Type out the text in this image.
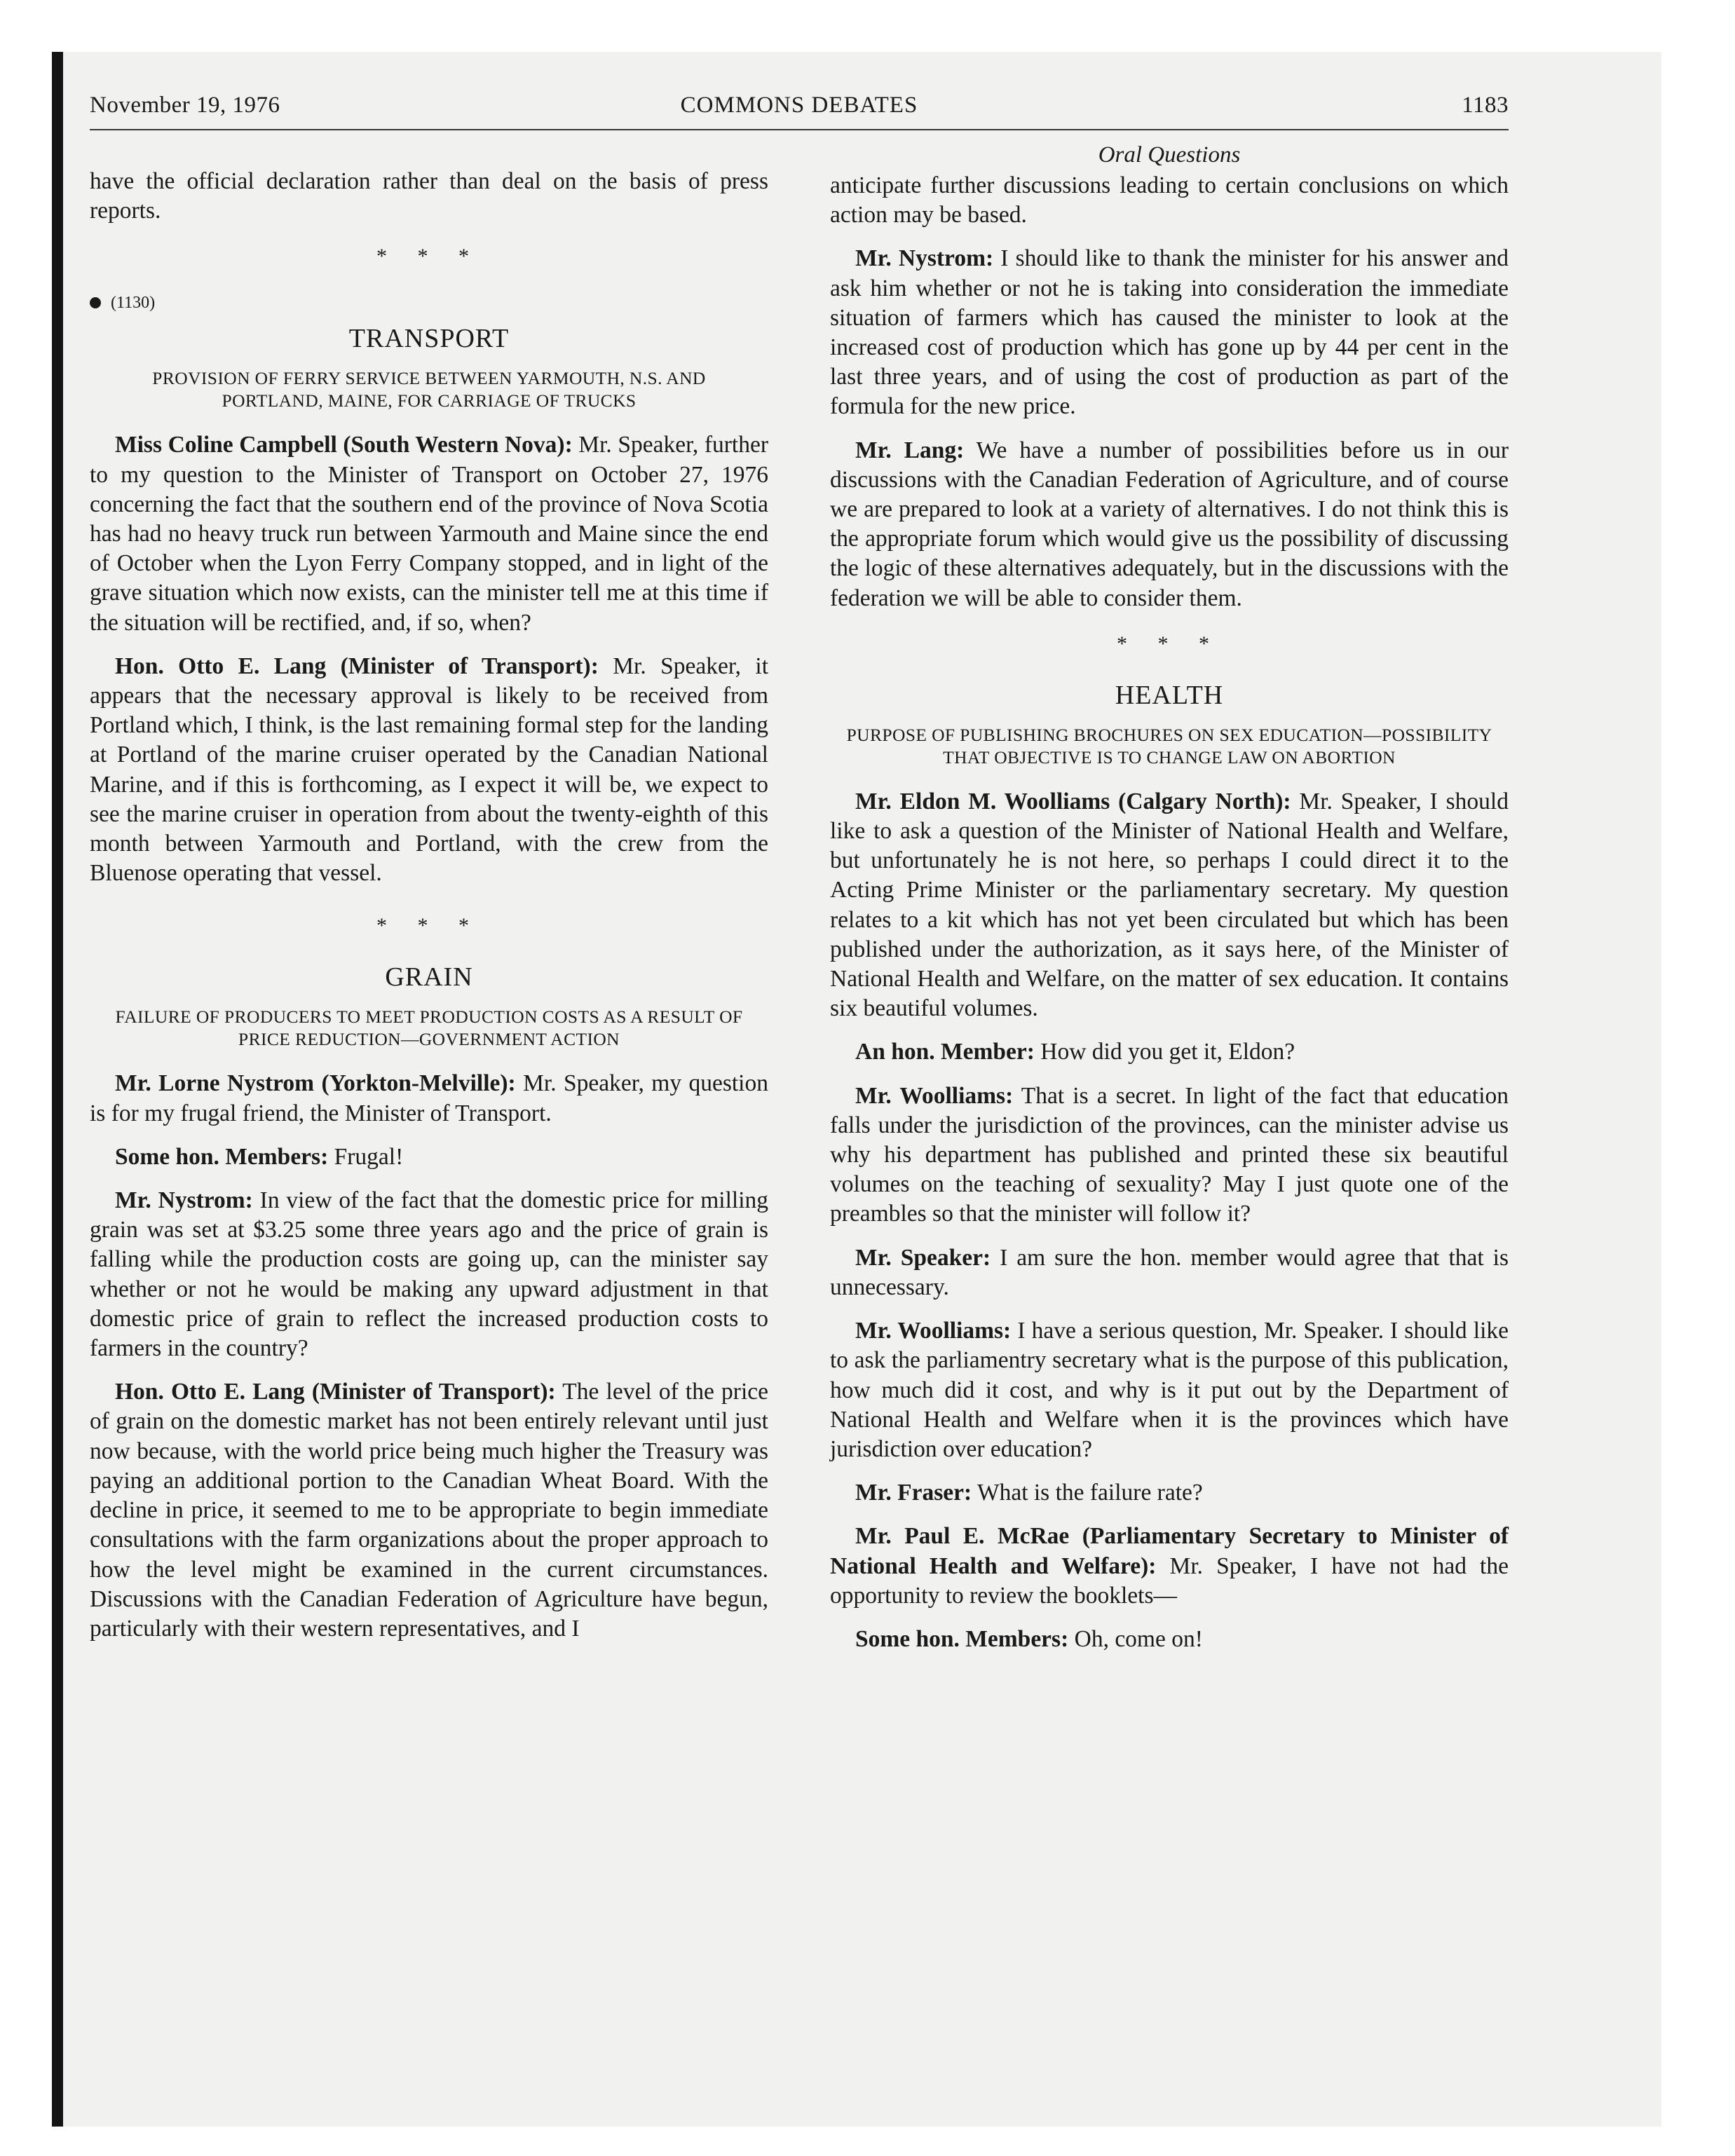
November 19, 1976	COMMONS DEBATES	1183

have the official declaration rather than deal on the basis of press reports.

* * *
(1130)
TRANSPORT
PROVISION OF FERRY SERVICE BETWEEN YARMOUTH, N.S. AND PORTLAND, MAINE, FOR CARRIAGE OF TRUCKS

Miss Coline Campbell (South Western Nova): Mr. Speaker, further to my question to the Minister of Transport on October 27, 1976 concerning the fact that the southern end of the province of Nova Scotia has had no heavy truck run between Yarmouth and Maine since the end of October when the Lyon Ferry Company stopped, and in light of the grave situation which now exists, can the minister tell me at this time if the situation will be rectified, and, if so, when?

Hon. Otto E. Lang (Minister of Transport): Mr. Speaker, it appears that the necessary approval is likely to be received from Portland which, I think, is the last remaining formal step for the landing at Portland of the marine cruiser operated by the Canadian National Marine, and if this is forthcoming, as I expect it will be, we expect to see the marine cruiser in operation from about the twenty-eighth of this month between Yarmouth and Portland, with the crew from the Bluenose operating that vessel.

* * *
GRAIN
FAILURE OF PRODUCERS TO MEET PRODUCTION COSTS AS A RESULT OF PRICE REDUCTION—GOVERNMENT ACTION

Mr. Lorne Nystrom (Yorkton-Melville): Mr. Speaker, my question is for my frugal friend, the Minister of Transport.

Some hon. Members: Frugal!

Mr. Nystrom: In view of the fact that the domestic price for milling grain was set at $3.25 some three years ago and the price of grain is falling while the production costs are going up, can the minister say whether or not he would be making any upward adjustment in that domestic price of grain to reflect the increased production costs to farmers in the country?

Hon. Otto E. Lang (Minister of Transport): The level of the price of grain on the domestic market has not been entirely relevant until just now because, with the world price being much higher the Treasury was paying an additional portion to the Canadian Wheat Board. With the decline in price, it seemed to me to be appropriate to begin immediate consultations with the farm organizations about the proper approach to how the level might be examined in the current circumstances. Discussions with the Canadian Federation of Agriculture have begun, particularly with their western representatives, and I

Oral Questions

anticipate further discussions leading to certain conclusions on which action may be based.

Mr. Nystrom: I should like to thank the minister for his answer and ask him whether or not he is taking into consideration the immediate situation of farmers which has caused the minister to look at the increased cost of production which has gone up by 44 per cent in the last three years, and of using the cost of production as part of the formula for the new price.

Mr. Lang: We have a number of possibilities before us in our discussions with the Canadian Federation of Agriculture, and of course we are prepared to look at a variety of alternatives. I do not think this is the appropriate forum which would give us the possibility of discussing the logic of these alternatives adequately, but in the discussions with the federation we will be able to consider them.

* * *
HEALTH
PURPOSE OF PUBLISHING BROCHURES ON SEX EDUCATION—POSSIBILITY THAT OBJECTIVE IS TO CHANGE LAW ON ABORTION

Mr. Eldon M. Woolliams (Calgary North): Mr. Speaker, I should like to ask a question of the Minister of National Health and Welfare, but unfortunately he is not here, so perhaps I could direct it to the Acting Prime Minister or the parliamentary secretary. My question relates to a kit which has not yet been circulated but which has been published under the authorization, as it says here, of the Minister of National Health and Welfare, on the matter of sex education. It contains six beautiful volumes.

An hon. Member: How did you get it, Eldon?

Mr. Woolliams: That is a secret. In light of the fact that education falls under the jurisdiction of the provinces, can the minister advise us why his department has published and printed these six beautiful volumes on the teaching of sexuality? May I just quote one of the preambles so that the minister will follow it?

Mr. Speaker: I am sure the hon. member would agree that that is unnecessary.

Mr. Woolliams: I have a serious question, Mr. Speaker. I should like to ask the parliamentry secretary what is the purpose of this publication, how much did it cost, and why is it put out by the Department of National Health and Welfare when it is the provinces which have jurisdiction over education?

Mr. Fraser: What is the failure rate?

Mr. Paul E. McRae (Parliamentary Secretary to Minister of National Health and Welfare): Mr. Speaker, I have not had the opportunity to review the booklets—

Some hon. Members: Oh, come on!
